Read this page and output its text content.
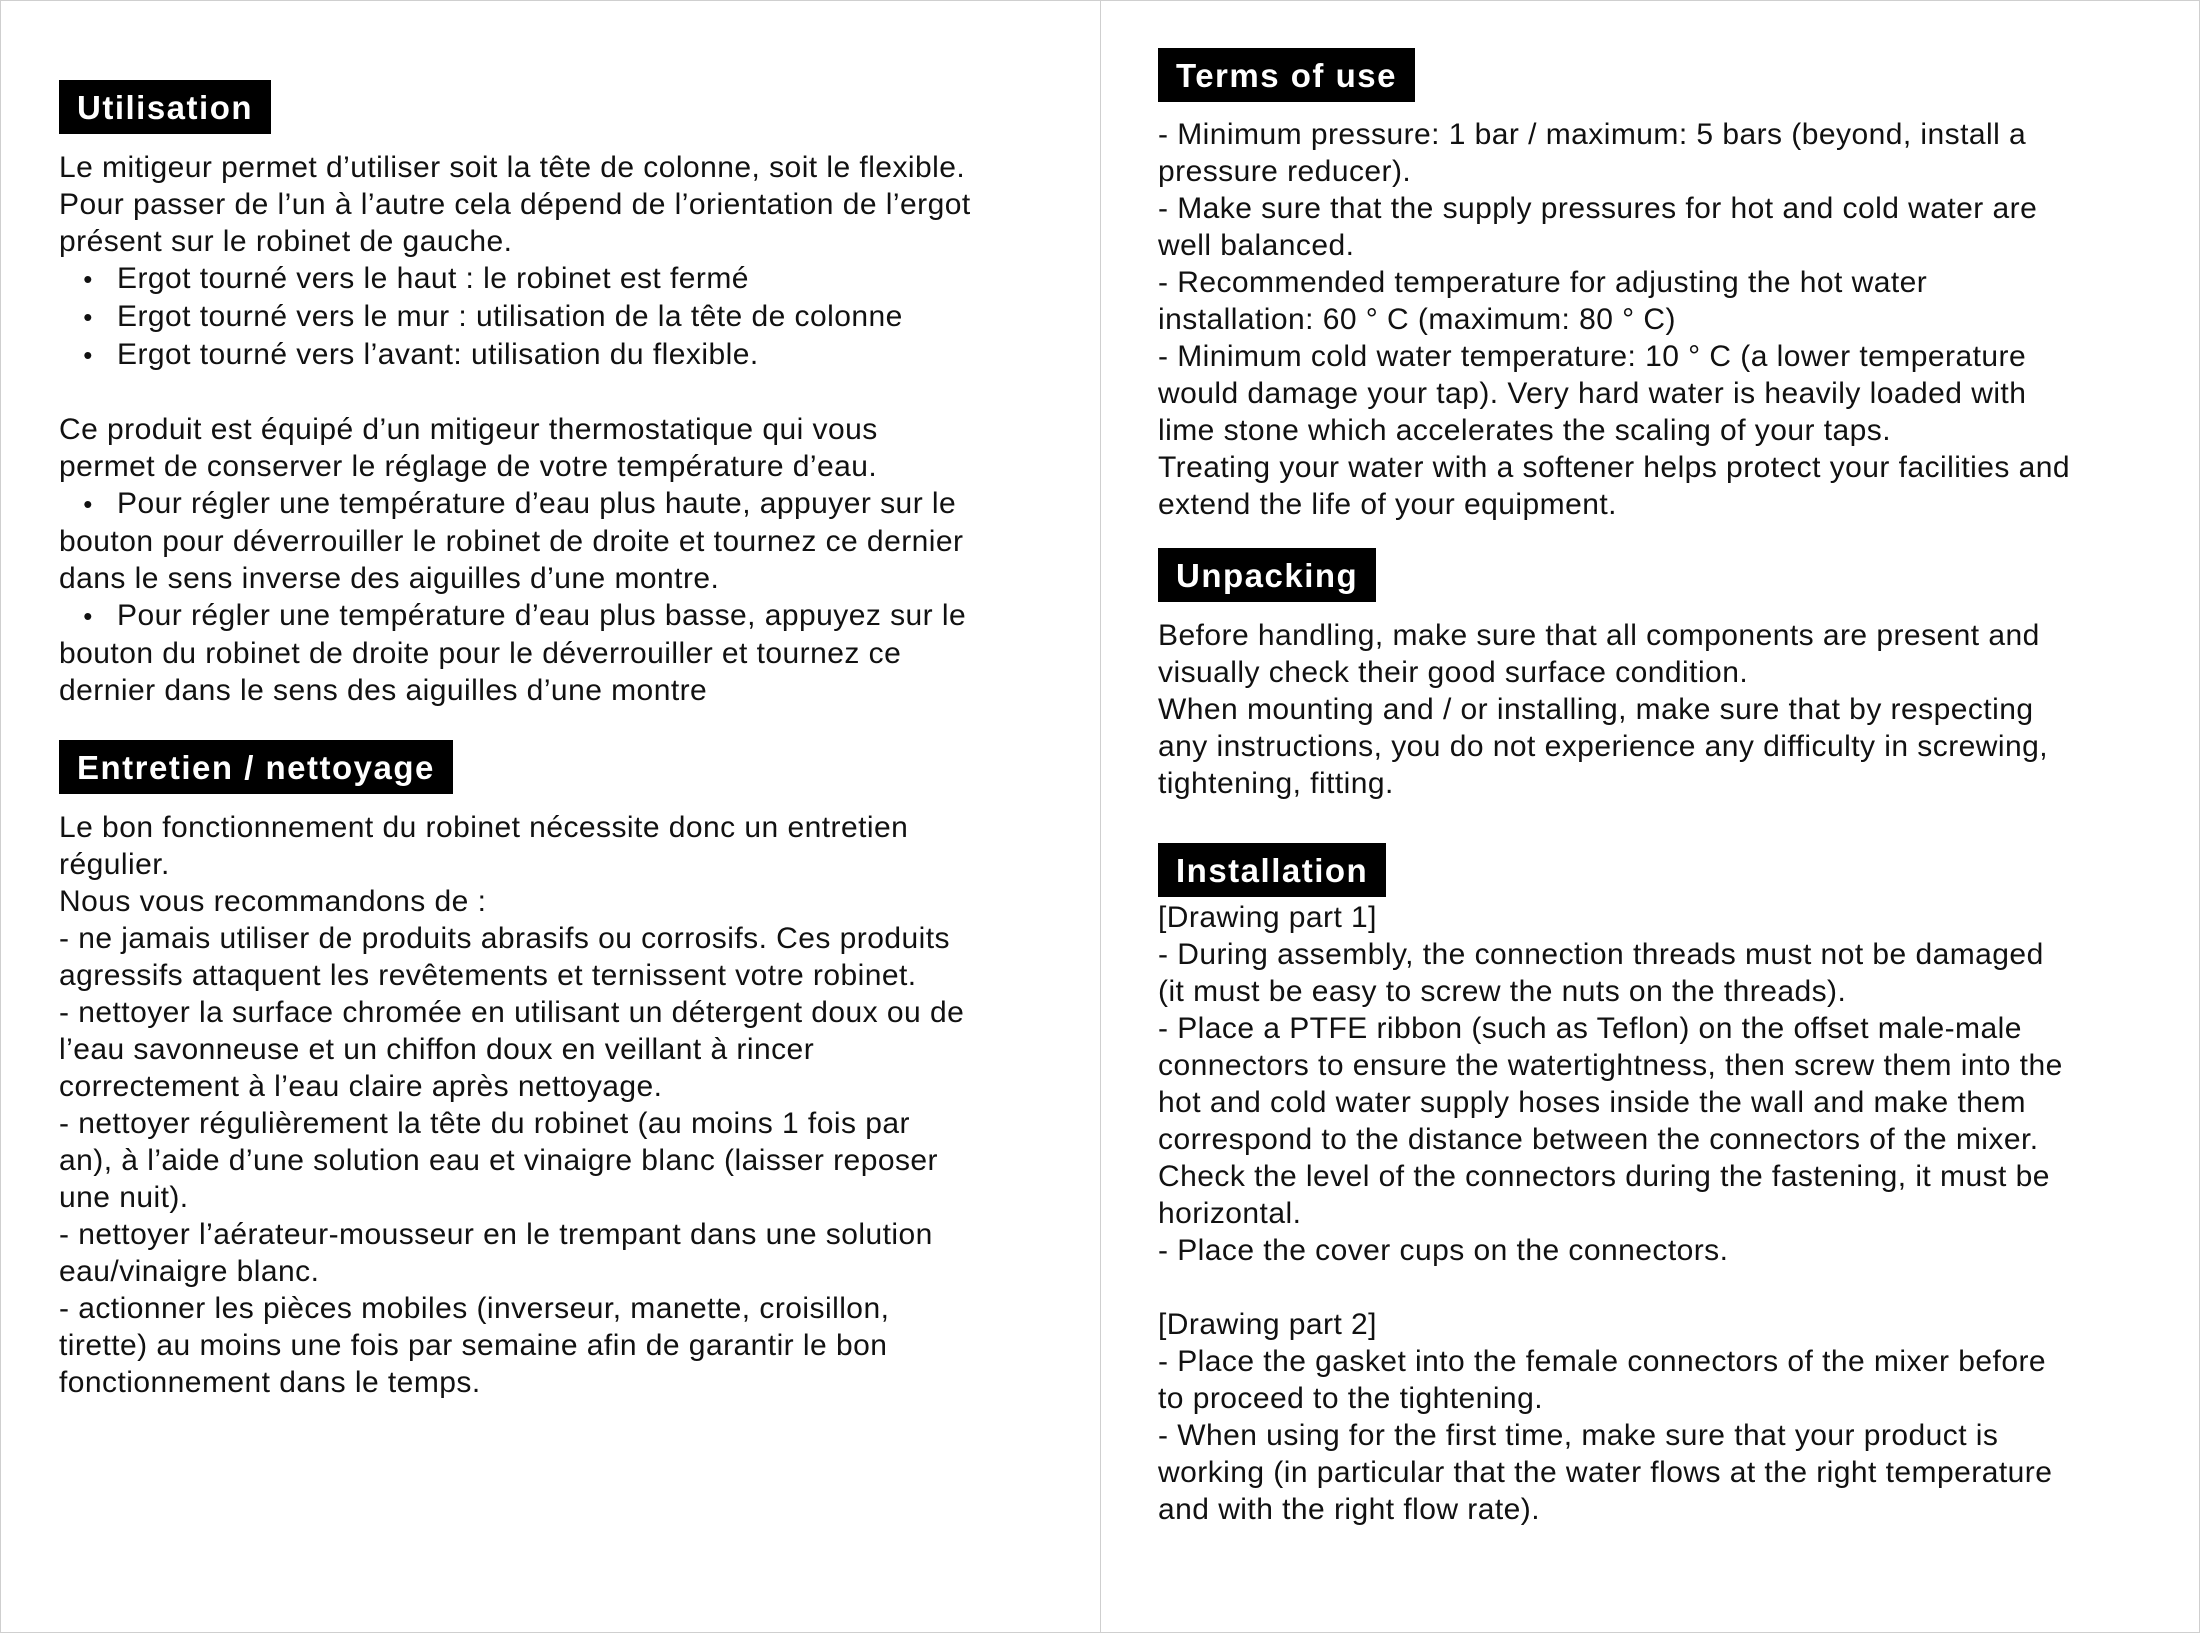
Utilisation
Le mitigeur permet d’utiliser soit la tête de colonne, soit le flexible.
Pour passer de l’un à l’autre cela dépend de l’orientation de l’ergot
présent sur le robinet de gauche.
• Ergot tourné vers le haut : le robinet est fermé
• Ergot tourné vers le mur : utilisation de la tête de colonne
• Ergot tourné vers l’avant: utilisation du flexible.
Ce produit est équipé d’un mitigeur thermostatique qui vous
permet de conserver le réglage de votre température d’eau.
• Pour régler une température d’eau plus haute, appuyer sur le
bouton pour déverrouiller le robinet de droite et tournez ce dernier
dans le sens inverse des aiguilles d’une montre.
• Pour régler une température d’eau plus basse, appuyez sur le
bouton du robinet de droite pour le déverrouiller et tournez ce
dernier dans le sens des aiguilles d’une montre
Entretien / nettoyage
Le bon fonctionnement du robinet nécessite donc un entretien
régulier.
Nous vous recommandons de :
- ne jamais utiliser de produits abrasifs ou corrosifs. Ces produits
agressifs attaquent les revêtements et ternissent votre robinet.
- nettoyer la surface chromée en utilisant un détergent doux ou de
l’eau savonneuse et un chiffon doux en veillant à rincer
correctement à l’eau claire après nettoyage.
- nettoyer régulièrement la tête du robinet (au moins 1 fois par
an), à l’aide d’une solution eau et vinaigre blanc (laisser reposer
une nuit).
- nettoyer l’aérateur-mousseur en le trempant dans une solution
eau/vinaigre blanc.
- actionner les pièces mobiles (inverseur, manette, croisillon,
tirette) au moins une fois par semaine afin de garantir le bon
fonctionnement dans le temps.
Terms of use
- Minimum pressure: 1 bar / maximum: 5 bars (beyond, install a
pressure reducer).
- Make sure that the supply pressures for hot and cold water are
well balanced.
- Recommended temperature for adjusting the hot water
installation: 60 ° C (maximum: 80 ° C)
- Minimum cold water temperature: 10 ° C (a lower temperature
would damage your tap). Very hard water is heavily loaded with
lime stone which accelerates the scaling of your taps.
Treating your water with a softener helps protect your facilities and
extend the life of your equipment.
Unpacking
Before handling, make sure that all components are present and
visually check their good surface condition.
When mounting and / or installing, make sure that by respecting
any instructions, you do not experience any difficulty in screwing,
tightening, fitting.
Installation
[Drawing part 1]
- During assembly, the connection threads must not be damaged
(it must be easy to screw the nuts on the threads).
- Place a PTFE ribbon (such as Teflon) on the offset male-male
connectors to ensure the watertightness, then screw them into the
hot and cold water supply hoses inside the wall and make them
correspond to the distance between the connectors of the mixer.
Check the level of the connectors during the fastening, it must be
horizontal.
- Place the cover cups on the connectors.
[Drawing part 2]
- Place the gasket into the female connectors of the mixer before
to proceed to the tightening.
- When using for the first time, make sure that your product is
working (in particular that the water flows at the right temperature
and with the right flow rate).
